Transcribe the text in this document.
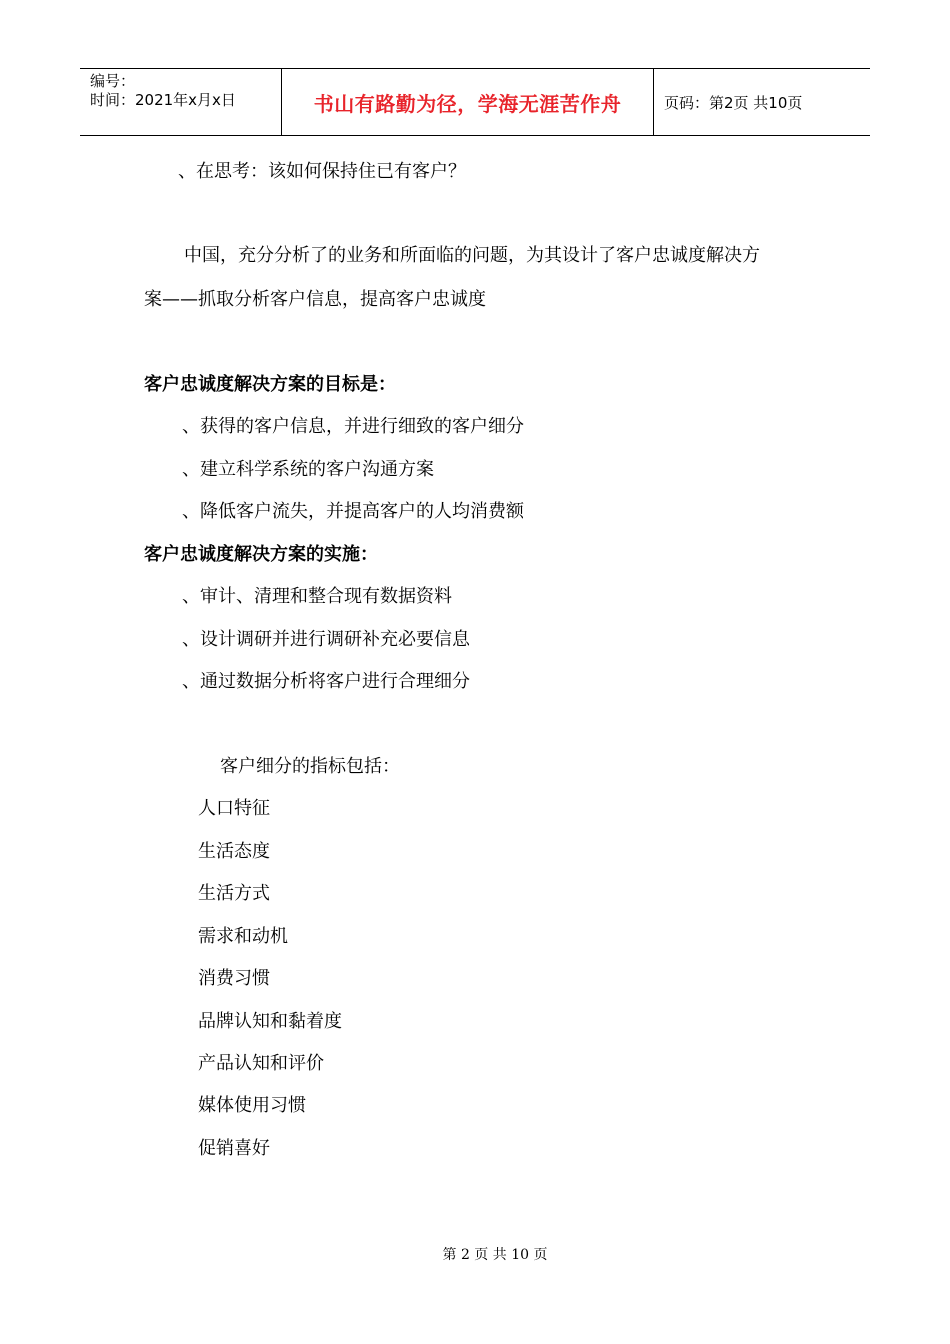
编号：
时间：2021年x月x日	书山有路勤为径，学海无涯苦作舟	页码：第2页 共10页
、在思考：该如何保持住已有客户？
中国，充分分析了的业务和所面临的问题，为其设计了客户忠诚度解决方
案——抓取分析客户信息，提高客户忠诚度
客户忠诚度解决方案的目标是：
、获得的客户信息，并进行细致的客户细分
、建立科学系统的客户沟通方案
、降低客户流失，并提高客户的人均消费额
客户忠诚度解决方案的实施：
、审计、清理和整合现有数据资料
、设计调研并进行调研补充必要信息
、通过数据分析将客户进行合理细分
客户细分的指标包括：
人口特征
生活态度
生活方式
需求和动机
消费习惯
品牌认知和黏着度
产品认知和评价
媒体使用习惯
促销喜好
第 2 页 共 10 页
